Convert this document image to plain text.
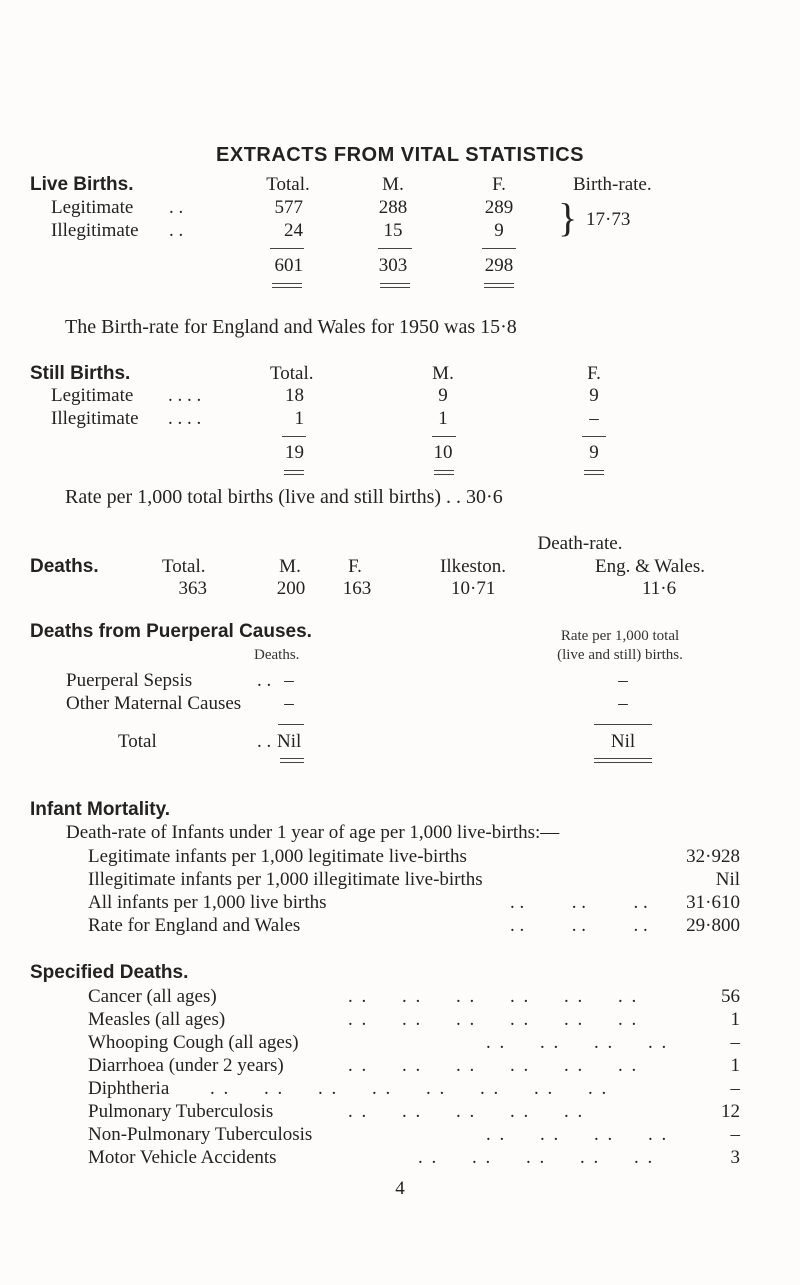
EXTRACTS FROM VITAL STATISTICS
Live Births.	Total.	M.	F.	Birth-rate.
Legitimate . .	577	288	289
Illegitimate . .	24	15	9	} 17·73
601	303	298
The Birth-rate for England and Wales for 1950 was 15·8
Still Births.	Total.	M.	F.
Legitimate . . . .	18	9	9
Illegitimate . . . .	1	1	–
19	10	9
Rate per 1,000 total births (live and still births) . . 30·6
Death-rate.
Deaths.	Total.	M.	F.	Ilkeston.	Eng. & Wales.
363	200	163	10·71	11·6
Deaths from Puerperal Causes.	Rate per 1,000 total
Deaths.	(live and still) births.
Puerperal Sepsis	. . –	–
Other Maternal Causes	–	–
Total	. . Nil	Nil
Infant Mortality.
Death-rate of Infants under 1 year of age per 1,000 live-births:—
Legitimate infants per 1,000 legitimate live-births	32·928
Illegitimate infants per 1,000 illegitimate live-births	Nil
All infants per 1,000 live births	. .          . .          . .	31·610
Rate for England and Wales	. .          . .          . .	29·800
Specified Deaths.
Cancer (all ages)	. .     . .     . .     . .     . .     . .	56
Measles (all ages)	. .     . .     . .     . .     . .     . .	1
Whooping Cough (all ages)	. .     . .     . .     . .	–
Diarrhoea (under 2 years)	. .     . .     . .     . .     . .     . .	1
Diphtheria . .     . .     . .     . .     . .     . .     . .     . .	–
Pulmonary Tuberculosis	. .     . .     . .     . .     . .	12
Non-Pulmonary Tuberculosis	. .     . .     . .     . .	–
Motor Vehicle Accidents	. .     . .     . .     . .     . .	3
4
